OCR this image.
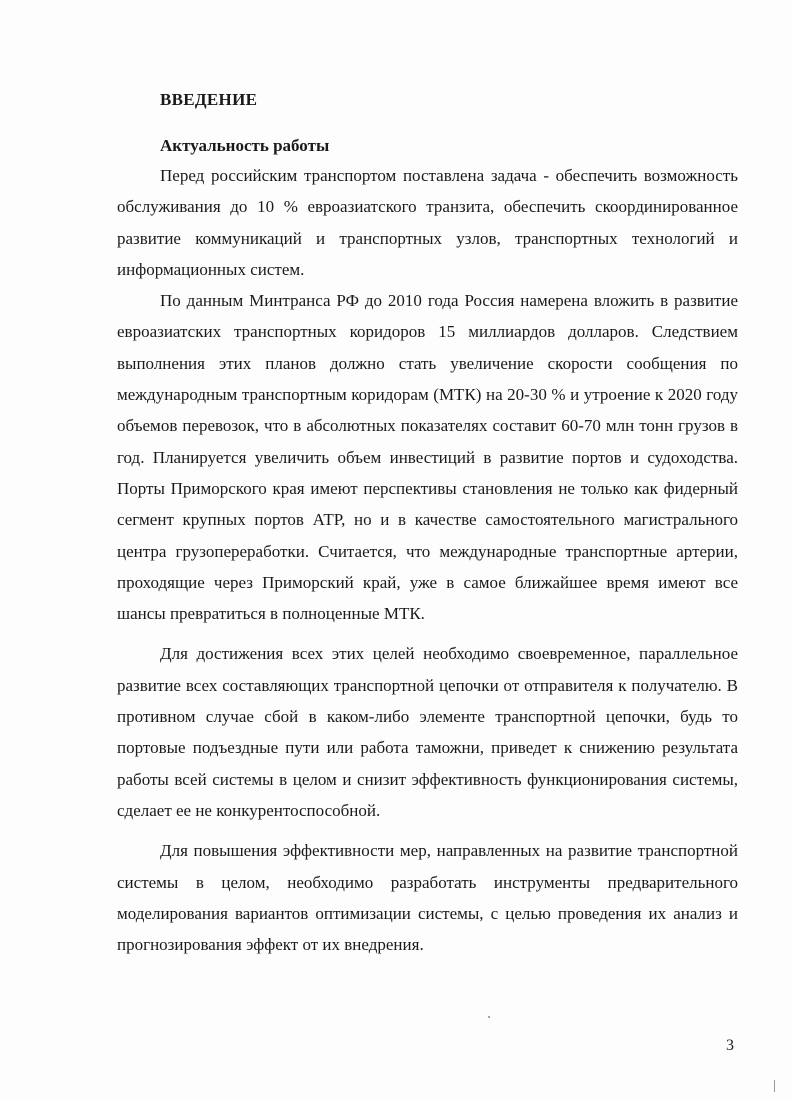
ВВЕДЕНИЕ
Актуальность работы

Перед российским транспортом поставлена задача - обеспечить возможность обслуживания до 10 % евроазиатского транзита, обеспечить скоординированное развитие коммуникаций и транспортных узлов, транспортных технологий и информационных систем.

По данным Минтранса РФ до 2010 года Россия намерена вложить в развитие евроазиатских транспортных коридоров 15 миллиардов долларов. Следствием выполнения этих планов должно стать увеличение скорости сообщения по международным транспортным коридорам (МТК) на 20-30 % и утроение к 2020 году объемов перевозок, что в абсолютных показателях составит 60-70 млн тонн грузов в год. Планируется увеличить объем инвестиций в развитие портов и судоходства. Порты Приморского края имеют перспективы становления не только как фидерный сегмент крупных портов АТР, но и в качестве самостоятельного магистрального центра грузопереработки. Считается, что международные транспортные артерии, проходящие через Приморский край, уже в самое ближайшее время имеют все шансы превратиться в полноценные МТК.

Для достижения всех этих целей необходимо своевременное, параллельное развитие всех составляющих транспортной цепочки от отправителя к получателю. В противном случае сбой в каком-либо элементе транспортной цепочки, будь то портовые подъездные пути или работа таможни, приведет к снижению результата работы всей системы в целом и снизит эффективность функционирования системы, сделает ее не конкурентоспособной.

Для повышения эффективности мер, направленных на развитие транспортной системы в целом, необходимо разработать инструменты предварительного моделирования вариантов оптимизации системы, с целью проведения их анализ и прогнозирования эффект от их внедрения.

3
